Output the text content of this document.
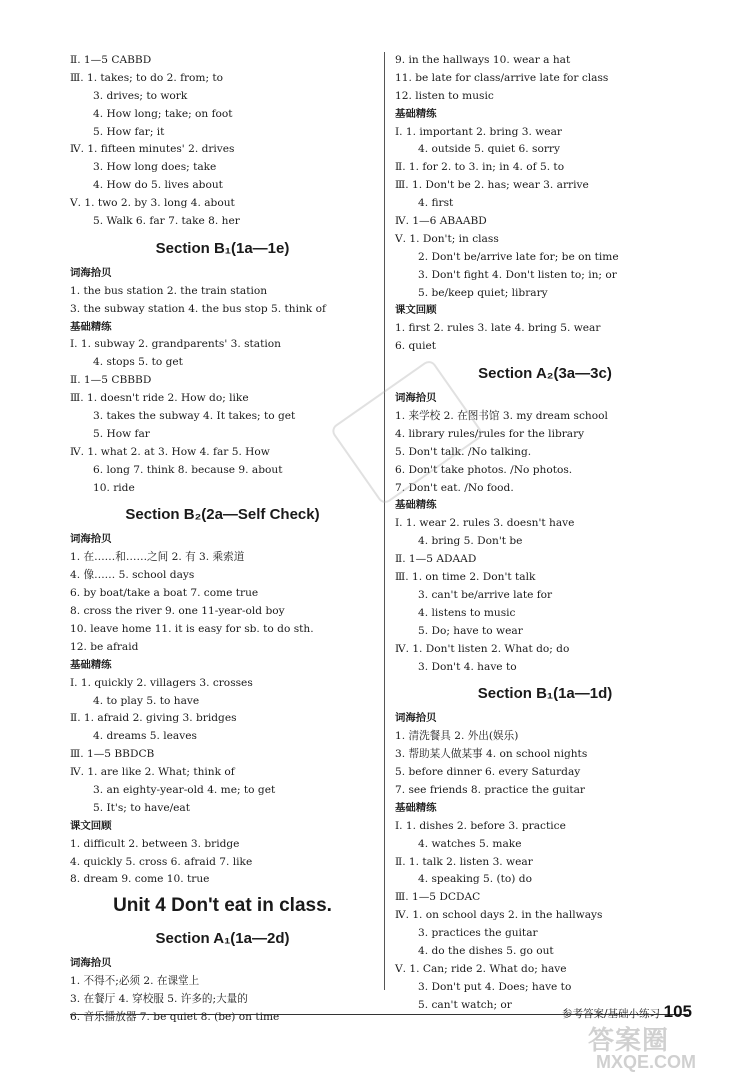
Ⅱ. 1—5 CABBD
Ⅲ. 1. takes; to do 2. from; to
3. drives; to work
4. How long; take; on foot
5. How far; it
Ⅳ. 1. fifteen minutes' 2. drives
3. How long does; take
4. How do 5. lives about
Ⅴ. 1. two 2. by 3. long 4. about
5. Walk 6. far 7. take 8. her
Section B₁(1a—1e)
词海拾贝
1. the bus station 2. the train station
3. the subway station 4. the bus stop 5. think of
基础精练
Ⅰ. 1. subway 2. grandparents' 3. station
4. stops 5. to get
Ⅱ. 1—5 CBBBD
Ⅲ. 1. doesn't ride 2. How do; like
3. takes the subway 4. It takes; to get
5. How far
Ⅳ. 1. what 2. at 3. How 4. far 5. How
6. long 7. think 8. because 9. about
10. ride
Section B₂(2a—Self Check)
词海拾贝
1. 在……和……之间 2. 有 3. 乘索道
4. 像…… 5. school days
6. by boat/take a boat 7. come true
8. cross the river 9. one 11-year-old boy
10. leave home 11. it is easy for sb. to do sth.
12. be afraid
基础精练
Ⅰ. 1. quickly 2. villagers 3. crosses
4. to play 5. to have
Ⅱ. 1. afraid 2. giving 3. bridges
4. dreams 5. leaves
Ⅲ. 1—5 BBDCB
Ⅳ. 1. are like 2. What; think of
3. an eighty-year-old 4. me; to get
5. It's; to have/eat
课文回顾
1. difficult 2. between 3. bridge
4. quickly 5. cross 6. afraid 7. like
8. dream 9. come 10. true
Unit 4 Don't eat in class.
Section A₁(1a—2d)
词海拾贝
1. 不得不;必须 2. 在课堂上
3. 在餐厅 4. 穿校服 5. 许多的;大量的
6. 音乐播放器 7. be quiet 8. (be) on time
9. in the hallways 10. wear a hat
11. be late for class/arrive late for class
12. listen to music
基础精练
Ⅰ. 1. important 2. bring 3. wear
4. outside 5. quiet 6. sorry
Ⅱ. 1. for 2. to 3. in; in 4. of 5. to
Ⅲ. 1. Don't be 2. has; wear 3. arrive
4. first
Ⅳ. 1—6 ABAABD
Ⅴ. 1. Don't; in class
2. Don't be/arrive late for; be on time
3. Don't fight 4. Don't listen to; in; or
5. be/keep quiet; library
课文回顾
1. first 2. rules 3. late 4. bring 5. wear
6. quiet
Section A₂(3a—3c)
词海拾贝
1. 来学校 2. 在图书馆 3. my dream school
4. library rules/rules for the library
5. Don't talk. /No talking.
6. Don't take photos. /No photos.
7. Don't eat. /No food.
基础精练
Ⅰ. 1. wear 2. rules 3. doesn't have
4. bring 5. Don't be
Ⅱ. 1—5 ADAAD
Ⅲ. 1. on time 2. Don't talk
3. can't be/arrive late for
4. listens to music
5. Do; have to wear
Ⅳ. 1. Don't listen 2. What do; do
3. Don't 4. have to
Section B₁(1a—1d)
词海拾贝
1. 清洗餐具 2. 外出(娱乐)
3. 帮助某人做某事 4. on school nights
5. before dinner 6. every Saturday
7. see friends 8. practice the guitar
基础精练
Ⅰ. 1. dishes 2. before 3. practice
4. watches 5. make
Ⅱ. 1. talk 2. listen 3. wear
4. speaking 5. (to) do
Ⅲ. 1—5 DCDAC
Ⅳ. 1. on school days 2. in the hallways
3. practices the guitar
4. do the dishes 5. go out
Ⅴ. 1. Can; ride 2. What do; have
3. Don't put 4. Does; have to
5. can't watch; or
参考答案/基础小练习 105
答案圈
MXQE.COM
